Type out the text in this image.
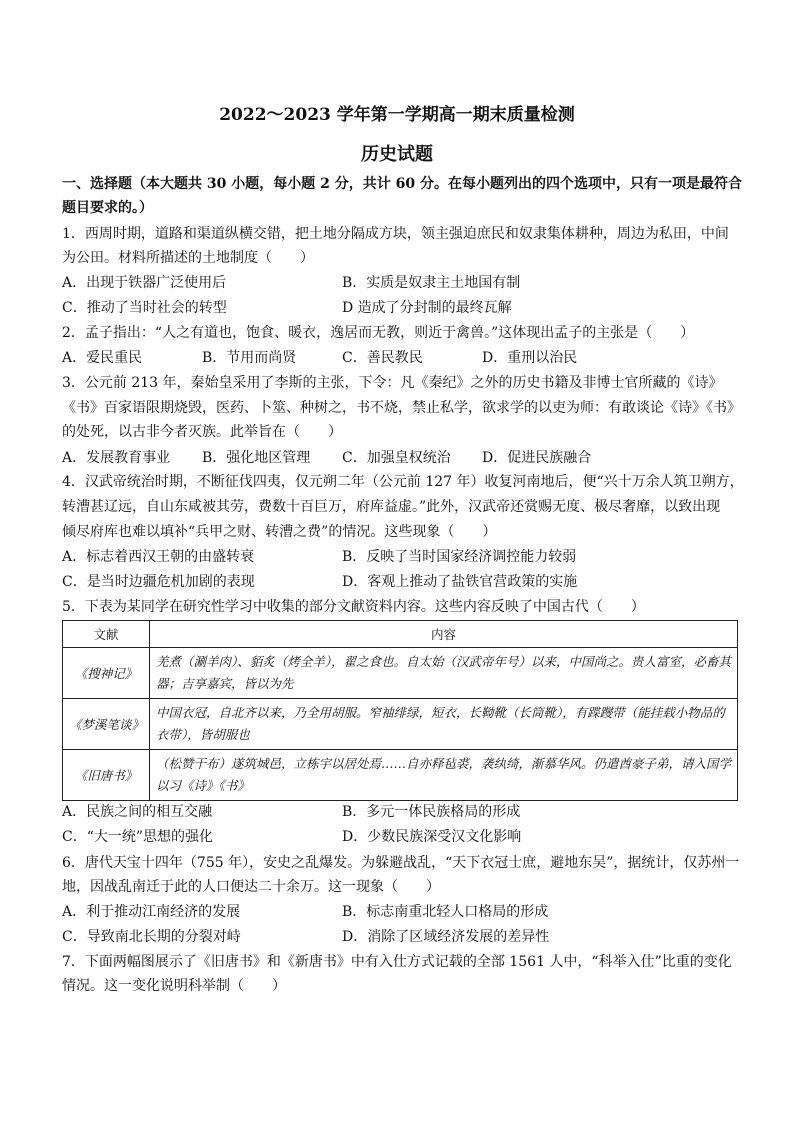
2022～2023 学年第一学期高一期末质量检测
历史试题
一、选择题（本大题共 30 小题，每小题 2 分，共计 60 分。在每小题列出的四个选项中，只有一项是最符合
题目要求的。）
1．西周时期，道路和渠道纵横交错，把土地分隔成方块，领主强迫庶民和奴隶集体耕种，周边为私田，中间
为公田。材料所描述的土地制度（　　）
A．出现于铁器广泛使用后	B．实质是奴隶主土地国有制
C．推动了当时社会的转型	D 造成了分封制的最终瓦解
2．孟子指出：“人之有道也，饱食、暖衣，逸居而无教，则近于禽兽。”这体现出孟子的主张是（　　）
A．爱民重民	B．节用而尚贤	C．善民教民	D．重刑以治民
3．公元前 213 年，秦始皇采用了李斯的主张，下令：凡《秦纪》之外的历史书籍及非博士官所藏的《诗》
《书》百家语限期烧毁，医药、卜筮、种树之，书不烧，禁止私学，欲求学的以吏为师：有敢谈论《诗》《书》
的处死，以古非今者灭族。此举旨在（　　）
A．发展教育事业 B．强化地区管理 C．加强皇权统治 D．促进民族融合
4．汉武帝统治时期，不断征伐四夷，仅元朔二年（公元前 127 年）收复河南地后，便“兴十万余人筑卫朔方，
转漕甚辽远，自山东咸被其劳，费数十百巨万，府库益虚。”此外，汉武帝还赏赐无度、极尽奢靡，以致出现
倾尽府库也难以填补“兵甲之财、转漕之费”的情况。这些现象（　　）
A．标志着西汉王朝的由盛转衰	B．反映了当时国家经济调控能力较弱
C．是当时边疆危机加剧的表现	D．客观上推动了盐铁官营政策的实施
5．下表为某同学在研究性学习中收集的部分文献资料内容。这些内容反映了中国古代（　　）
文献	内容
《搜神记》	羌煮（涮羊肉）、貊炙（烤全羊），翟之食也。自太始（汉武帝年号）以来，中国尚之。贵人富室，必畜其器；吉享嘉宾，皆以为先
《梦溪笔谈》	中国衣冠，自北齐以来，乃全用胡服。窄袖绯绿，短衣，长靿靴（长筒靴），有蹀躞带（能挂载小物品的衣带），皆胡服也
《旧唐书》	（松赞干布）遂筑城邑，立栋宇以居处焉……自亦释毡裘，袭纨绮，渐慕华风。仍遣酋豪子弟，请入国学以习《诗》《书》
A．民族之间的相互交融	B．多元一体民族格局的形成
C．“大一统”思想的强化	D．少数民族深受汉文化影响
6．唐代天宝十四年（755 年），安史之乱爆发。为躲避战乱，“天下衣冠士庶，避地东吴”，据统计，仅苏州一
地，因战乱南迁于此的人口便达二十余万。这一现象（　　）
A．利于推动江南经济的发展	B．标志南重北轻人口格局的形成
C．导致南北长期的分裂对峙	D．消除了区域经济发展的差异性
7．下面两幅图展示了《旧唐书》和《新唐书》中有入仕方式记载的全部 1561 人中，“科举入仕”比重的变化
情况。这一变化说明科举制（　　）
